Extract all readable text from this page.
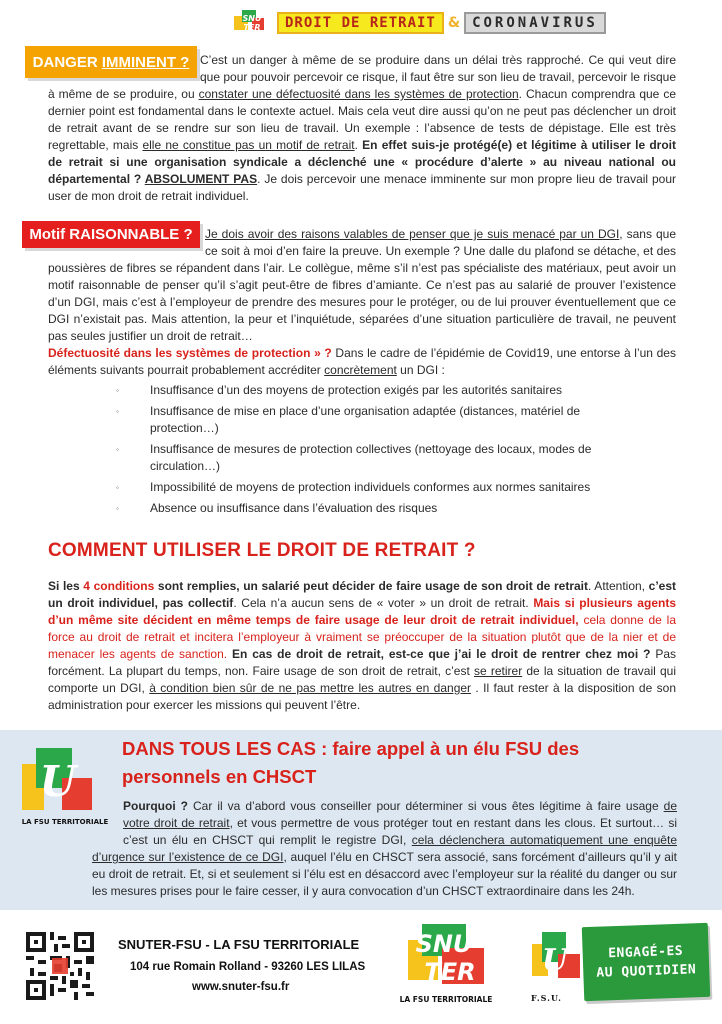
SNU
TER	DROIT DE RETRAIT & CORONAVIRUS
DANGER
IMMINENT ? C’est un danger à même de se produire dans un délai très rapproché. Ce qui veut dire que pour pouvoir percevoir ce risque, il faut être sur son lieu de travail, percevoir le risque à même de se produire, ou constater une défectuosité dans les systèmes de protection. Chacun comprendra que ce dernier point est fondamental dans le contexte actuel. Mais cela veut dire aussi qu’on ne peut pas déclencher un droit de retrait avant de se rendre sur son lieu de travail. Un exemple : l’absence de tests de dépistage. Elle est très regrettable, mais elle ne constitue pas un motif de retrait. En effet suis-je protégé(e) et légitime à utiliser le droit de retrait si une organisation syndicale a déclenché une « procédure d’alerte » au niveau national ou départemental ? ABSOLUMENT PAS. Je dois percevoir une menace imminente sur mon propre lieu de travail pour user de mon droit de retrait individuel.
Motif RAISONNABLE ?	Je dois avoir des raisons valables de penser que je suis menacé par un DGI, sans que ce soit à moi d’en faire la preuve. Un exemple ? Une dalle du plafond se détache, et des poussières de fibres se répandent dans l’air. Le collègue, même s’il n’est pas spécialiste des matériaux, peut avoir un motif raisonnable de penser qu’il s’agit peut-être de fibres d’amiante. Ce n’est pas au salarié de prouver l’existence d’un DGI, mais c’est à l’employeur de prendre des mesures pour le protéger, ou de lui prouver éventuellement que ce DGI n’existait pas. Mais attention, la peur et l’inquiétude, séparées d’une situation particulière de travail, ne peuvent pas seules justifier un droit de retrait…
Défectuosité dans les systèmes de protection » ? Dans le cadre de l’épidémie de Covid19, une entorse à l’un des éléments suivants pourrait probablement accréditer concrètement un DGI :
◦	Insuffisance d’un des moyens de protection exigés par les autorités sanitaires
◦	Insuffisance de mise en place d’une organisation adaptée (distances, matériel de protection…)
◦	Insuffisance de mesures de protection collectives (nettoyage des locaux, modes de circulation…)
◦	Impossibilité de moyens de protection individuels conformes aux normes sanitaires
◦	Absence ou insuffisance dans l’évaluation des risques
COMMENT UTILISER LE DROIT DE RETRAIT ?
Si les 4 conditions sont remplies, un salarié peut décider de faire usage de son droit de retrait. Attention, c’est un droit individuel, pas collectif. Cela n’a aucun sens de « voter » un droit de retrait. Mais si plusieurs agents d’un même site décident en même temps de faire usage de leur droit de retrait individuel, cela donne de la force au droit de retrait et incitera l’employeur à vraiment se préoccuper de la situation plutôt que de la nier et de menacer les agents de sanction. En cas de droit de retrait, est-ce que j’ai le droit de rentrer chez moi ? Pas forcément. La plupart du temps, non. Faire usage de son droit de retrait, c’est se retirer de la situation de travail qui comporte un DGI, à condition bien sûr de ne pas mettre les autres en danger . Il faut rester à la disposition de son administration pour exercer les missions qui peuvent l’être.
U
LA FSU TERRITORIALE
DANS TOUS LES CAS : faire appel à un élu FSU des
personnels en CHSCT
Pourquoi ? Car il va d’abord vous conseiller pour déterminer si vous êtes légitime à faire usage de votre droit de retrait, et vous permettre de vous protéger tout en restant dans les clous. Et surtout… si c’est un élu en CHSCT qui remplit le registre DGI, cela déclenchera automatiquement une enquête d’urgence sur l’existence de ce DGI, auquel l’élu en CHSCT sera associé, sans forcément d’ailleurs qu’il y ait eu droit de retrait. Et, si et seulement si l’élu est en désaccord avec l’employeur sur la réalité du danger ou sur les mesures prises pour le faire cesser, il y aura convocation d’un CHSCT extraordinaire dans les 24h.
SNUTER-FSU - LA FSU TERRITORIALE
104 rue Romain Rolland - 93260 LES LILAS
www.snuter-fsu.fr
SNU
TER
LA FSU TERRITORIALE
U
F.S.U.
ENGAGÉ-ES
AU QUOTIDIEN
